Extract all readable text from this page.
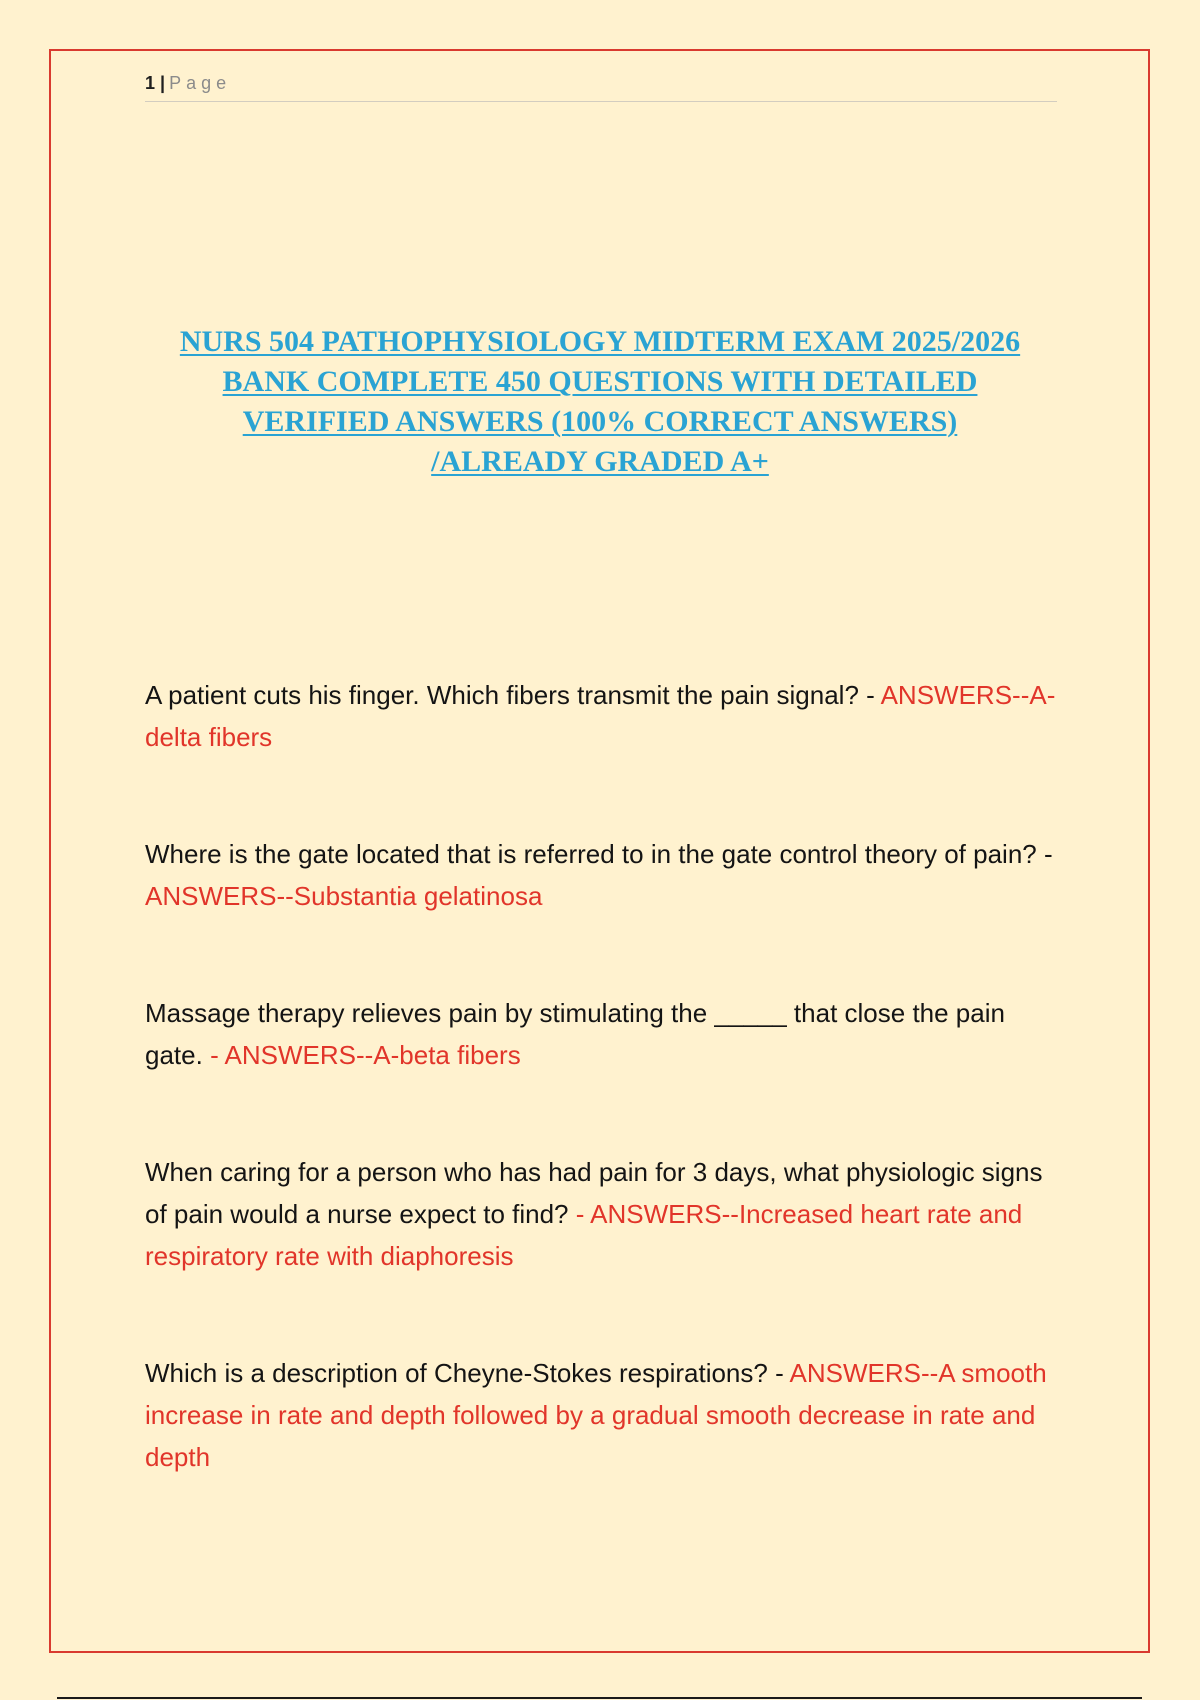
1 | Page
NURS 504 PATHOPHYSIOLOGY MIDTERM EXAM 2025/2026
BANK COMPLETE 450 QUESTIONS WITH DETAILED
VERIFIED ANSWERS (100% CORRECT ANSWERS)
/ALREADY GRADED A+

A patient cuts his finger. Which fibers transmit the pain signal? - ANSWERS--A-delta fibers

Where is the gate located that is referred to in the gate control theory of pain? - ANSWERS--Substantia gelatinosa

Massage therapy relieves pain by stimulating the _____ that close the pain gate. - ANSWERS--A-beta fibers

When caring for a person who has had pain for 3 days, what physiologic signs of pain would a nurse expect to find? - ANSWERS--Increased heart rate and respiratory rate with diaphoresis

Which is a description of Cheyne-Stokes respirations? - ANSWERS--A smooth increase in rate and depth followed by a gradual smooth decrease in rate and depth
